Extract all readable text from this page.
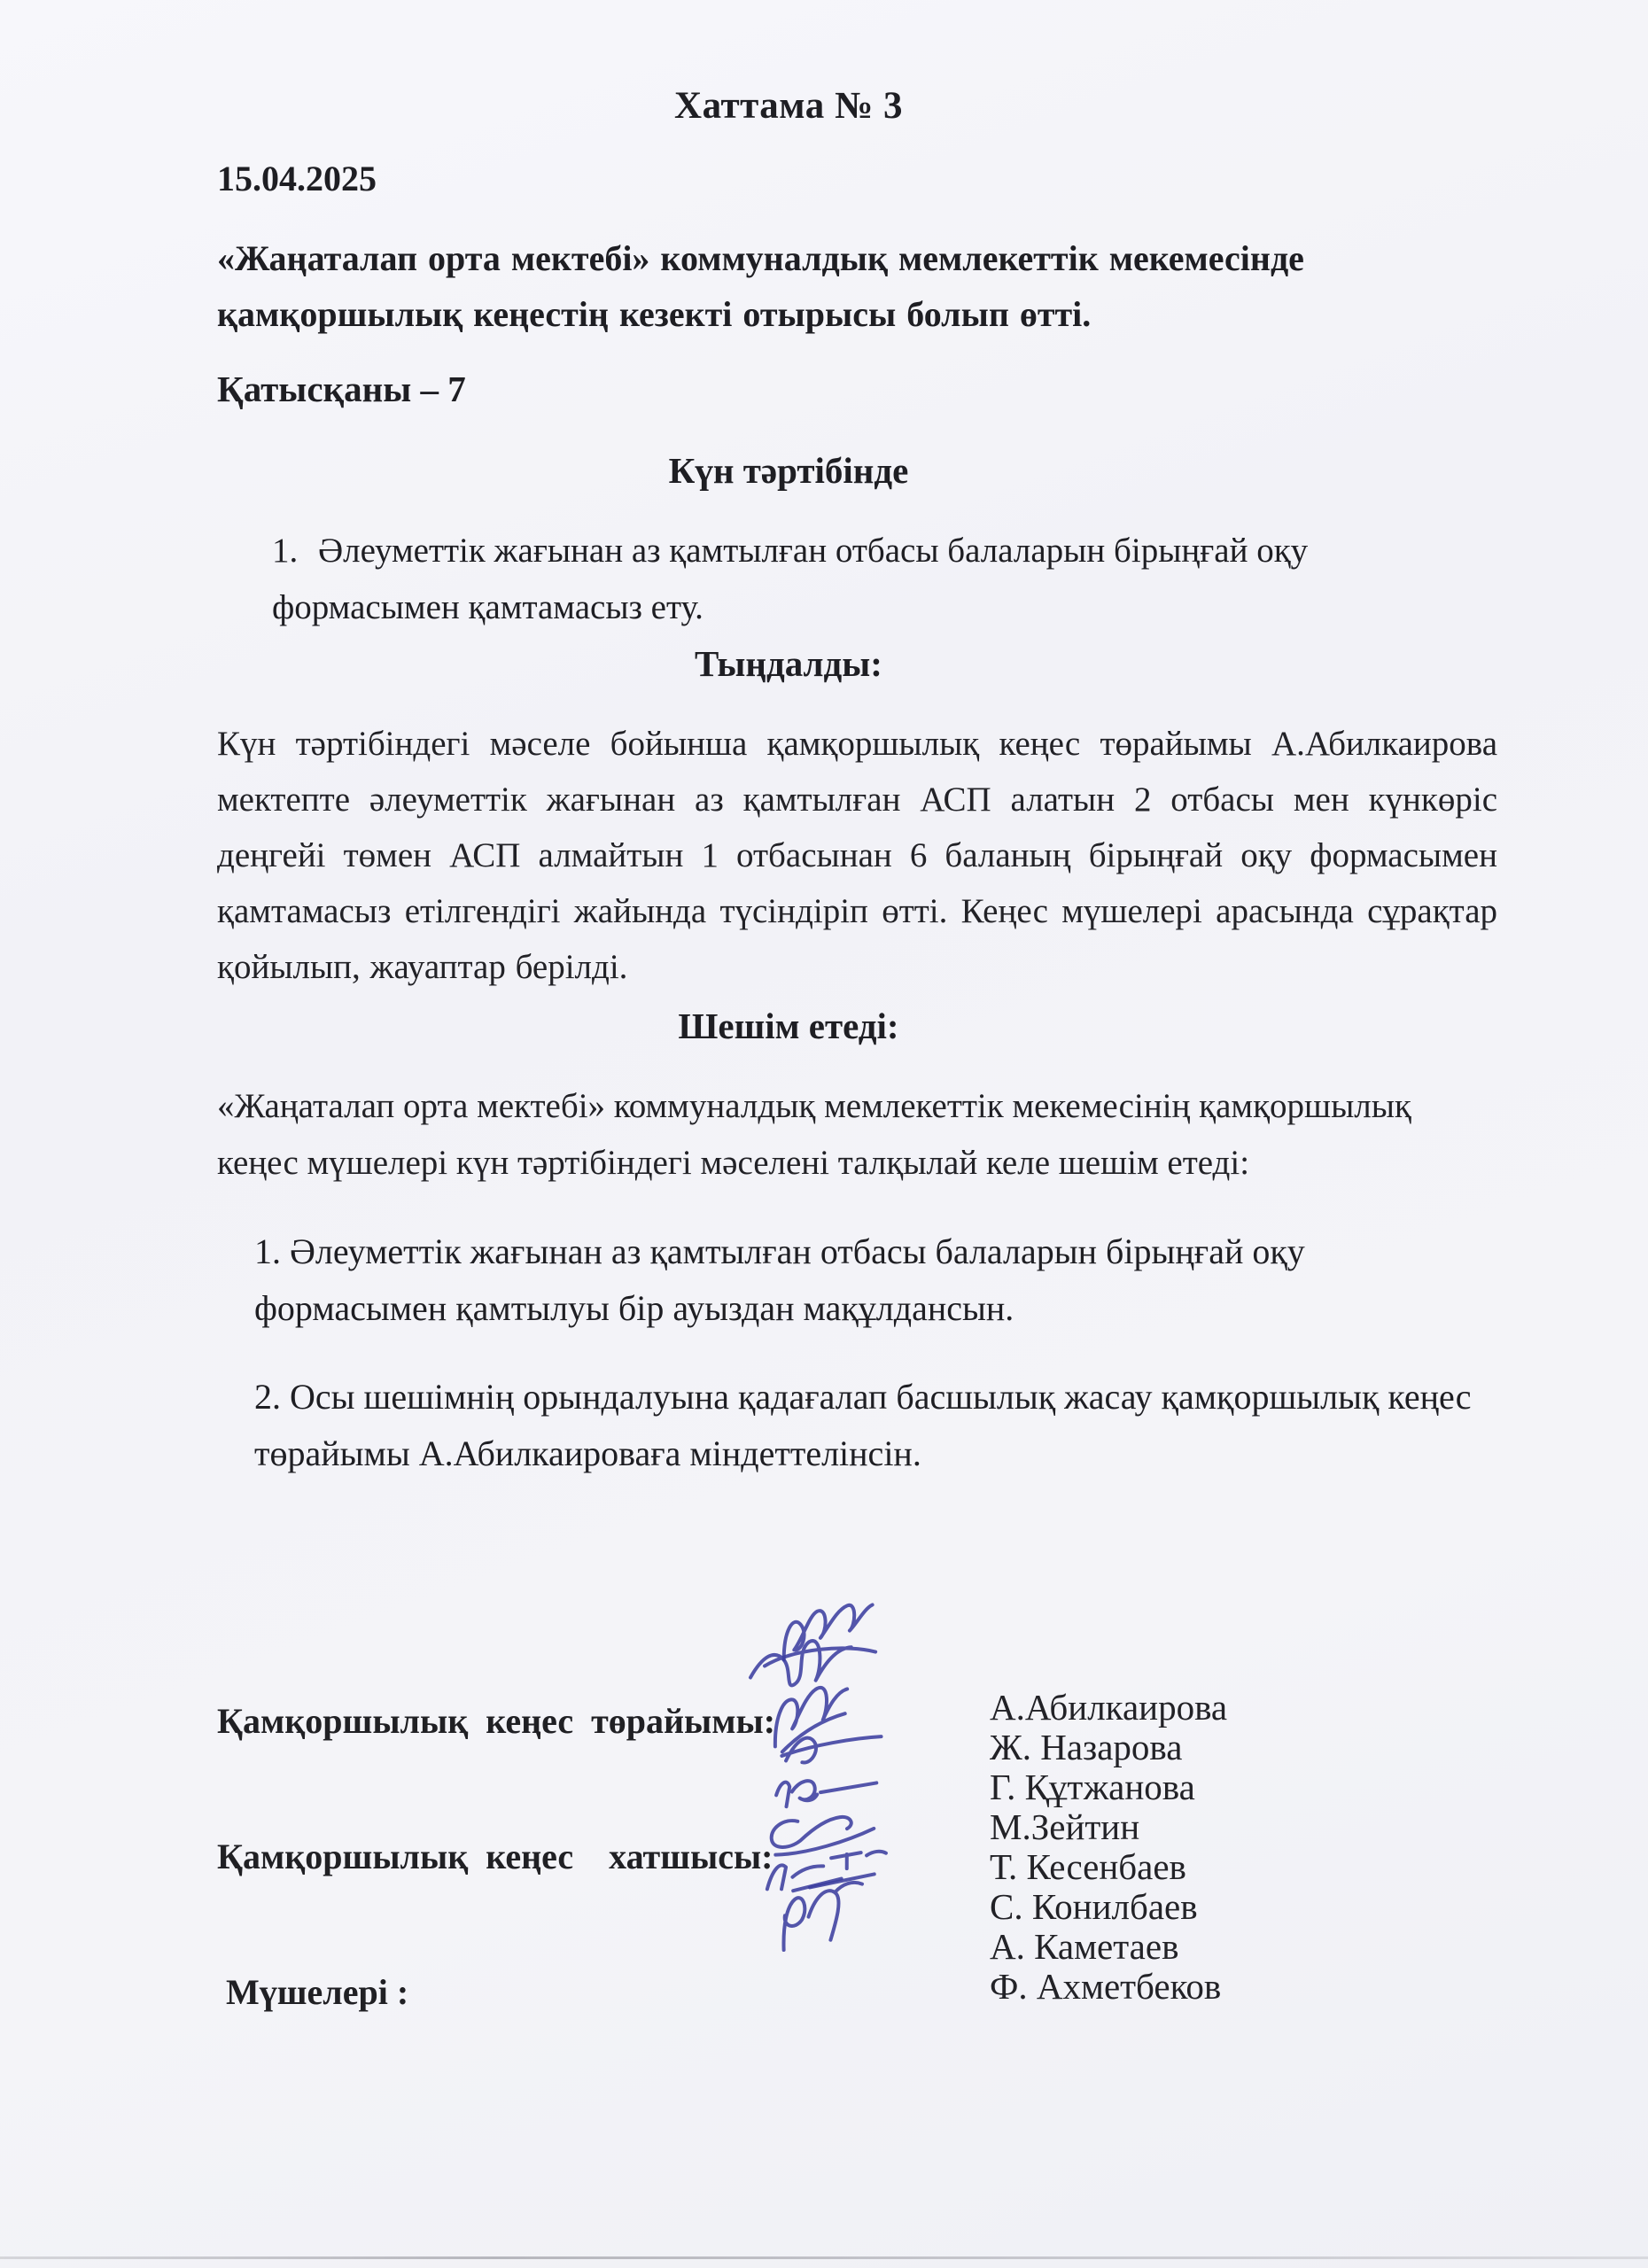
Хаттама № 3
15.04.2025
«Жаңаталап орта мектебі» коммуналдық мемлекеттік мекемесінде қамқоршылық кеңестің кезекті отырысы болып өтті.
Қатысқаны – 7
Күн тәртібінде
1. Әлеуметтік жағынан аз қамтылған отбасы балаларын бірыңғай оқу формасымен қамтамасыз ету.
Тыңдалды:
Күн тәртібіндегі мәселе бойынша қамқоршылық кеңес төрайымы А.Абилкаирова мектепте әлеуметтік жағынан аз қамтылған АСП алатын 2 отбасы мен күнкөріс деңгейі төмен АСП алмайтын 1 отбасынан 6 баланың бірыңғай оқу формасымен қамтамасыз етілгендігі жайында түсіндіріп өтті. Кеңес мүшелері арасында сұрақтар қойылып, жауаптар берілді.
Шешім етеді:
«Жаңаталап орта мектебі» коммуналдық мемлекеттік мекемесінің қамқоршылық кеңес мүшелері күн тәртібіндегі мәселені талқылай келе шешім етеді:
1. Әлеуметтік жағынан аз қамтылған отбасы балаларын бірыңғай оқу формасымен қамтылуы бір ауыздан мақұлдансын.
2. Осы шешімнің орындалуына қадағалап басшылық жасау қамқоршылық кеңес төрайымы А.Абилкаироваға міндеттелінсін.

Қамқоршылық  кеңес  төрайымы:

Қамқоршылық  кеңес    хатшысы:

Мүшелері :

А.Абилкаирова

Ж. Назарова

Г. Құтжанова

М.Зейтин

Т. Кесенбаев

С. Конилбаев

А. Каметаев

Ф. Ахметбеков
